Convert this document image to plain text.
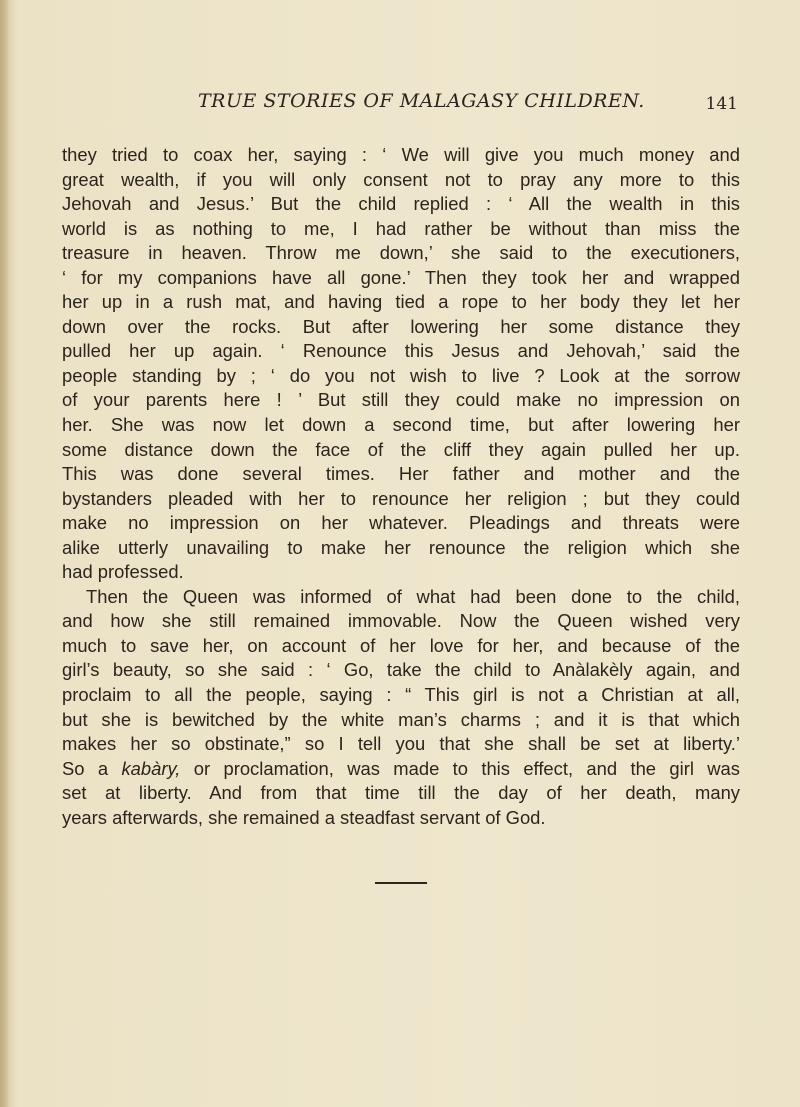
TRUE STORIES OF MALAGASY CHILDREN.	141
they tried to coax her, saying : ‘ We will give you much money and
great wealth, if you will only consent not to pray any more to this
Jehovah and Jesus.’ But the child replied : ‘ All the wealth in this
world is as nothing to me, I had rather be without than miss the
treasure in heaven. Throw me down,’ she said to the executioners,
‘ for my companions have all gone.’ Then they took her and wrapped
her up in a rush mat, and having tied a rope to her body they let her
down over the rocks. But after lowering her some distance they
pulled her up again. ‘ Renounce this Jesus and Jehovah,’ said the
people standing by ; ‘ do you not wish to live ? Look at the sorrow
of your parents here ! ’ But still they could make no impression on
her. She was now let down a second time, but after lowering her
some distance down the face of the cliff they again pulled her up.
This was done several times. Her father and mother and the
bystanders pleaded with her to renounce her religion ; but they could
make no impression on her whatever. Pleadings and threats were
alike utterly unavailing to make her renounce the religion which she
had professed.
Then the Queen was informed of what had been done to the child,
and how she still remained immovable. Now the Queen wished very
much to save her, on account of her love for her, and because of the
girl’s beauty, so she said : ‘ Go, take the child to Anàlakèly again, and
proclaim to all the people, saying : “ This girl is not a Christian at all,
but she is bewitched by the white man’s charms ; and it is that which
makes her so obstinate,” so I tell you that she shall be set at liberty.’
So a kabàry, or proclamation, was made to this effect, and the girl was
set at liberty. And from that time till the day of her death, many
years afterwards, she remained a steadfast servant of God.
